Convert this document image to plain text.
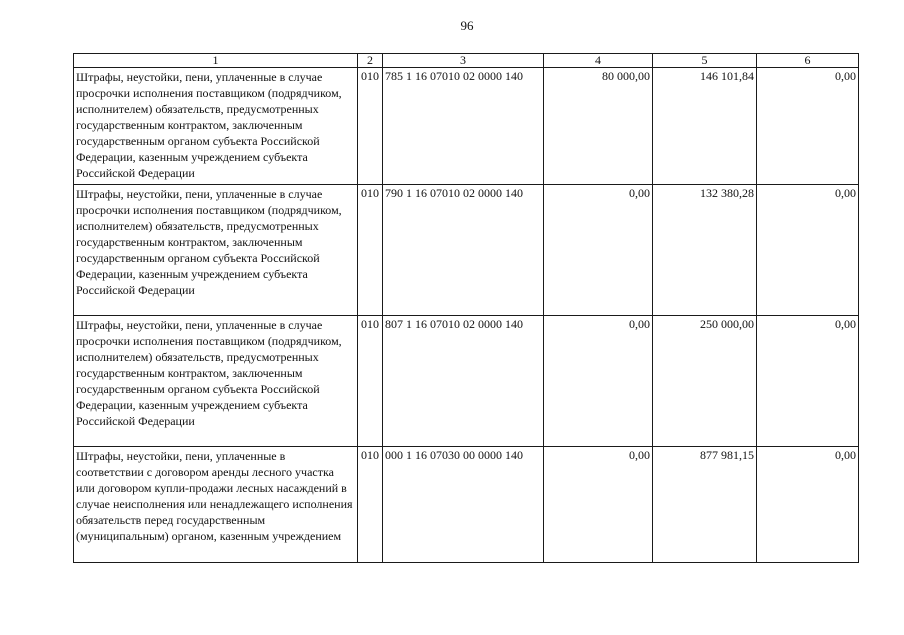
96
1	2	3	4	5	6

Штрафы, неустойки, пени, уплаченные в случае просрочки исполнения поставщиком (подрядчиком, исполнителем) обязательств, предусмотренных государственным контрактом, заключенным государственным органом субъекта Российской Федерации, казенным учреждением субъекта Российской Федерации	010	785 1 16 07010 02 0000 140	80 000,00	146 101,84	0,00

Штрафы, неустойки, пени, уплаченные в случае просрочки исполнения поставщиком (подрядчиком, исполнителем) обязательств, предусмотренных государственным контрактом, заключенным государственным органом субъекта Российской Федерации, казенным учреждением субъекта Российской Федерации	010	790 1 16 07010 02 0000 140	0,00	132 380,28	0,00

Штрафы, неустойки, пени, уплаченные в случае просрочки исполнения поставщиком (подрядчиком, исполнителем) обязательств, предусмотренных государственным контрактом, заключенным государственным органом субъекта Российской Федерации, казенным учреждением субъекта Российской Федерации	010	807 1 16 07010 02 0000 140	0,00	250 000,00	0,00

Штрафы, неустойки, пени, уплаченные в соответствии с договором аренды лесного участка или договором купли-продажи лесных насаждений в случае неисполнения или ненадлежащего исполнения обязательств перед государственным (муниципальным) органом, казенным учреждением	010	000 1 16 07030 00 0000 140	0,00	877 981,15	0,00
